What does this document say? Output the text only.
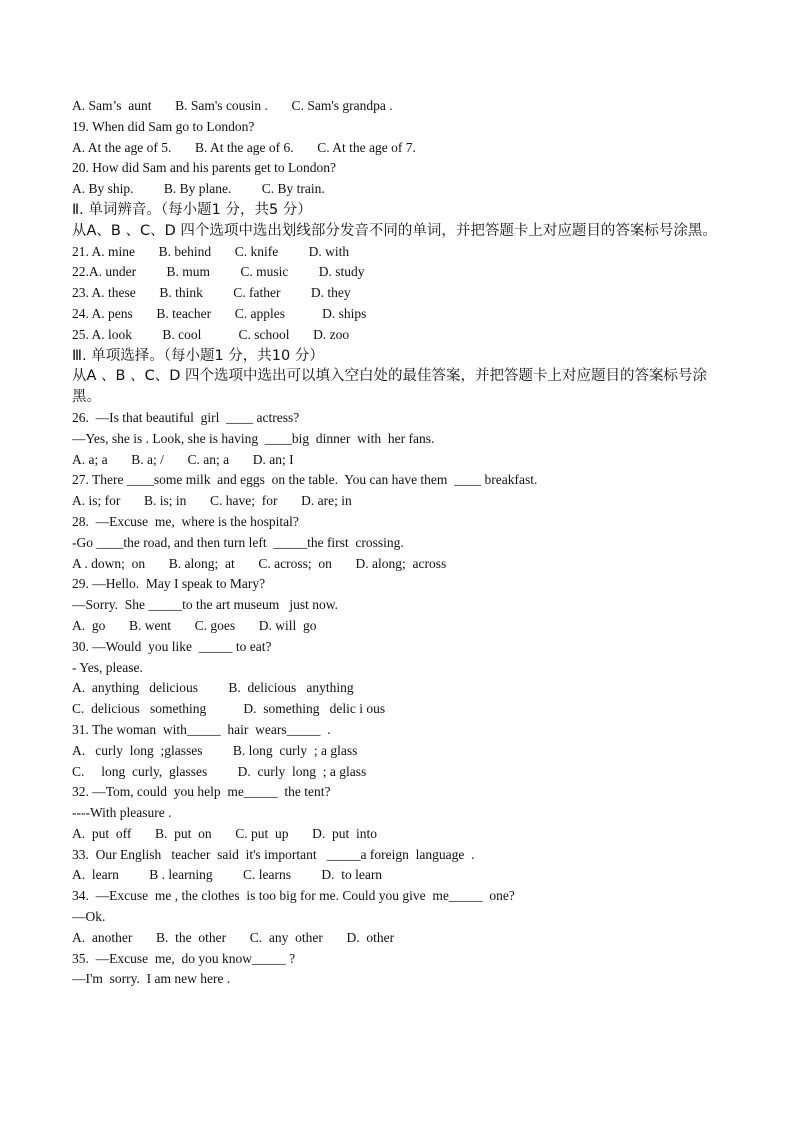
A. Sam’s  aunt       B. Sam's cousin .       C. Sam's grandpa .
19. When did Sam go to London?
A. At the age of 5.       B. At the age of 6.       C. At the age of 7.
20. How did Sam and his parents get to London?
A. By ship.         B. By plane.         C. By train.
Ⅱ. 单词辨音。（每小题1 分，共5 分）
从A、B 、C、D 四个选项中选出划线部分发音不同的单词，并把答题卡上对应题目的答案标号涂黑。
21. A. mine       B. behind       C. knife         D. with
22.A. under         B. mum         C. music         D. study
23. A. these       B. think         C. father         D. they
24. A. pens       B. teacher       C. apples           D. ships
25. A. look         B. cool           C. school       D. zoo
Ⅲ. 单项选择。（每小题1 分，共10 分）
从A 、B 、C、D 四个选项中选出可以填入空白处的最佳答案，并把答题卡上对应题目的答案标号涂黑。
26.  —Is that beautiful  girl  ____ actress?
—Yes, she is . Look, she is having  ____big  dinner  with  her fans.
A. a; a       B. a; /       C. an; a       D. an; I
27. There ____some milk  and eggs  on the table.  You can have them  ____ breakfast.
A. is; for       B. is; in       C. have;  for       D. are; in
28.  —Excuse  me,  where is the hospital?
-Go ____the road, and then turn left  _____the first  crossing.
A . down;  on       B. along;  at       C. across;  on       D. along;  across
29. —Hello.  May I speak to Mary?
—Sorry.  She _____to the art museum   just now.
A.  go       B. went       C. goes       D. will  go
30. —Would  you like  _____ to eat?
- Yes, please.
A.  anything   delicious         B.  delicious   anything
C.  delicious   something           D.  something   delic i ous
31. The woman  with_____  hair  wears_____  .
A.   curly  long  ;glasses         B. long  curly  ; a glass
C.     long  curly,  glasses         D.  curly  long  ; a glass
32. —Tom, could  you help  me_____  the tent?
----With pleasure .
A.  put  off       B.  put  on       C. put  up       D.  put  into
33.  Our English   teacher  said  it's important   _____a foreign  language  .
A.  learn         B . learning         C. learns         D.  to learn
34.  —Excuse  me , the clothes  is too big for me. Could you give  me_____  one?
—Ok.
A.  another       B.  the  other       C.  any  other       D.  other
35.  —Excuse  me,  do you know_____ ?
—I'm  sorry.  I am new here .
